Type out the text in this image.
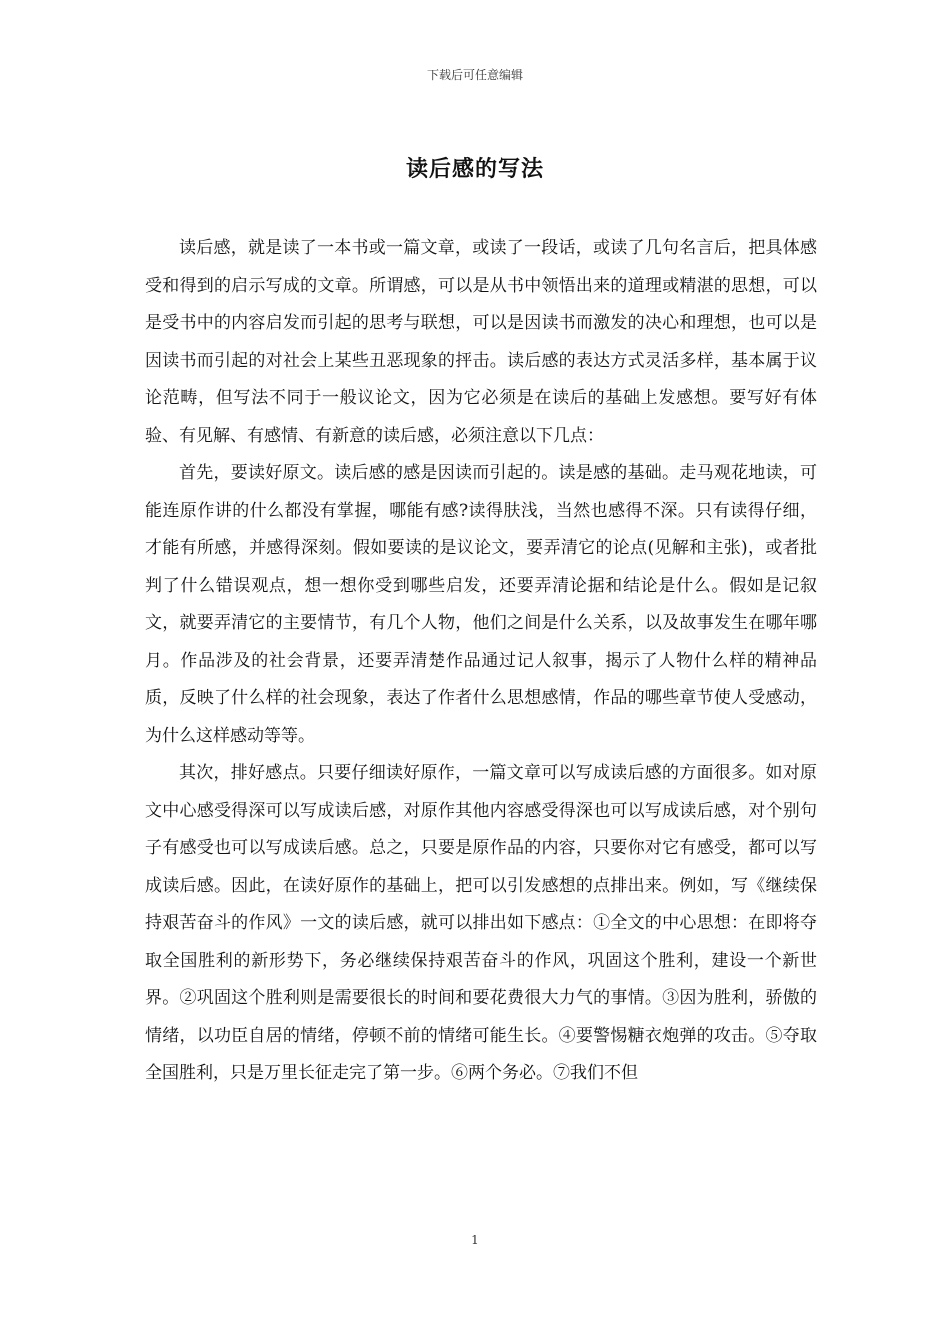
下载后可任意编辑
读后感的写法

读后感，就是读了一本书或一篇文章，或读了一段话，或读了几句名言后，把具体感受和得到的启示写成的文章。所谓感，可以是从书中领悟出来的道理或精湛的思想，可以是受书中的内容启发而引起的思考与联想，可以是因读书而激发的决心和理想，也可以是因读书而引起的对社会上某些丑恶现象的抨击。读后感的表达方式灵活多样，基本属于议论范畴，但写法不同于一般议论文，因为它必须是在读后的基础上发感想。要写好有体验、有见解、有感情、有新意的读后感，必须注意以下几点：

首先，要读好原文。读后感的感是因读而引起的。读是感的基础。走马观花地读，可能连原作讲的什么都没有掌握，哪能有感?读得肤浅，当然也感得不深。只有读得仔细，才能有所感，并感得深刻。假如要读的是议论文，要弄清它的论点(见解和主张)，或者批判了什么错误观点，想一想你受到哪些启发，还要弄清论据和结论是什么。假如是记叙文，就要弄清它的主要情节，有几个人物，他们之间是什么关系，以及故事发生在哪年哪月。作品涉及的社会背景，还要弄清楚作品通过记人叙事，揭示了人物什么样的精神品质，反映了什么样的社会现象，表达了作者什么思想感情，作品的哪些章节使人受感动，为什么这样感动等等。

其次，排好感点。只要仔细读好原作，一篇文章可以写成读后感的方面很多。如对原文中心感受得深可以写成读后感，对原作其他内容感受得深也可以写成读后感，对个别句子有感受也可以写成读后感。总之，只要是原作品的内容，只要你对它有感受，都可以写成读后感。因此，在读好原作的基础上，把可以引发感想的点排出来。例如，写《继续保持艰苦奋斗的作风》一文的读后感，就可以排出如下感点：①全文的中心思想：在即将夺取全国胜利的新形势下，务必继续保持艰苦奋斗的作风，巩固这个胜利，建设一个新世界。②巩固这个胜利则是需要很长的时间和要花费很大力气的事情。③因为胜利，骄傲的情绪，以功臣自居的情绪，停顿不前的情绪可能生长。④要警惕糖衣炮弹的攻击。⑤夺取全国胜利，只是万里长征走完了第一步。⑥两个务必。⑦我们不但

1
